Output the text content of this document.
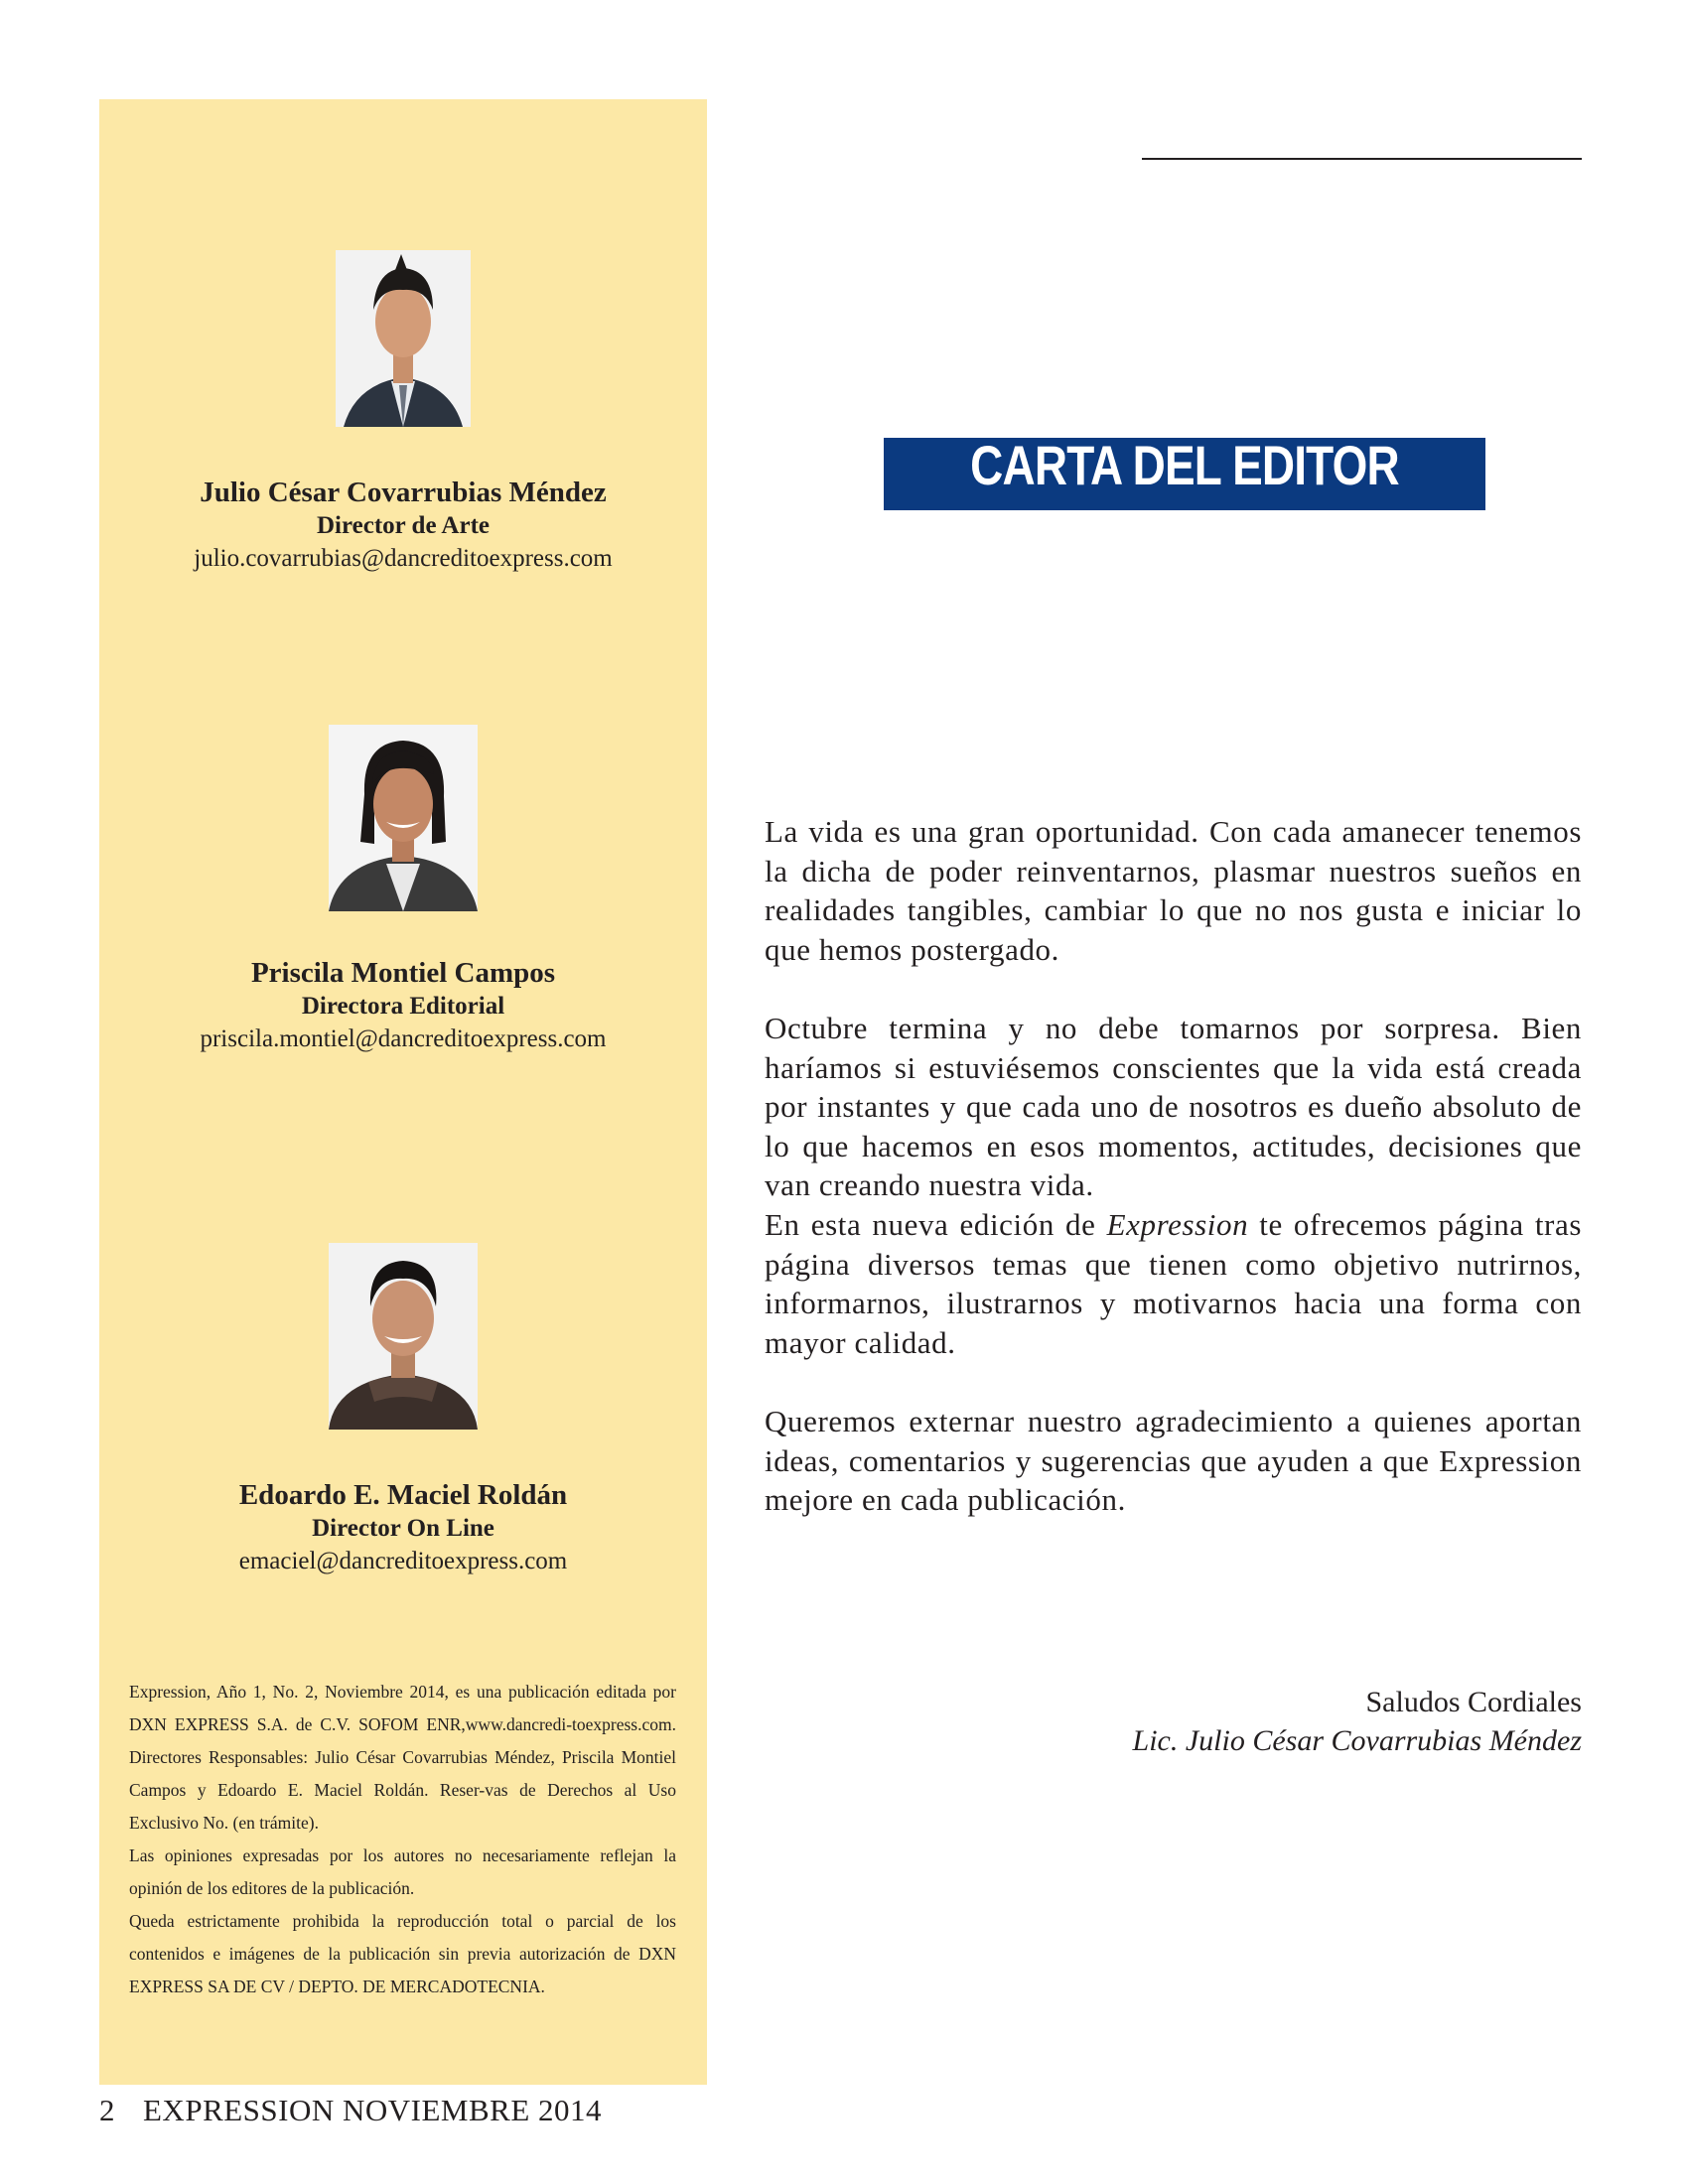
Julio César Covarrubias Méndez
Director de Arte
julio.covarrubias@dancreditoexpress.com
Priscila Montiel Campos
Directora Editorial
priscila.montiel@dancreditoexpress.com
Edoardo E. Maciel Roldán
Director On Line
emaciel@dancreditoexpress.com

Expression, Año 1, No. 2, Noviembre 2014, es una publicación editada por DXN EXPRESS S.A. de C.V. SOFOM ENR,www.dancredi-toexpress.com. Directores Responsables: Julio César Covarrubias Méndez, Priscila Montiel Campos y Edoardo E. Maciel Roldán. Reser-vas de Derechos al Uso Exclusivo No. (en trámite).

Las opiniones expresadas por los autores no necesariamente reflejan la opinión de los editores de la publicación.

Queda estrictamente prohibida la reproducción total o parcial de los contenidos e imágenes de la publicación sin previa autorización de DXN EXPRESS SA DE CV / DEPTO. DE MERCADOTECNIA.

2 EXPRESSION NOVIEMBRE 2014
CARTA DEL EDITOR

La vida es una gran oportunidad. Con cada amanecer tenemos la dicha de poder reinventarnos, plasmar nuestros sueños en realidades tangibles, cambiar lo que no nos gusta e iniciar lo que hemos postergado.

Octubre termina y no debe tomarnos por sorpresa. Bien haríamos si estuviésemos conscientes que la vida está creada por instantes y que cada uno de nosotros es dueño absoluto de lo que hacemos en esos momentos, actitudes, decisiones que van creando nuestra vida.

En esta nueva edición de Expression te ofrecemos página tras página diversos temas que tienen como objetivo nutrirnos, informarnos, ilustrarnos y motivarnos hacia una forma con mayor calidad.

Queremos externar nuestro agradecimiento a quienes aportan ideas, comentarios y sugerencias que ayuden a que Expression mejore en cada publicación.

Saludos Cordiales
Lic. Julio César Covarrubias Méndez
